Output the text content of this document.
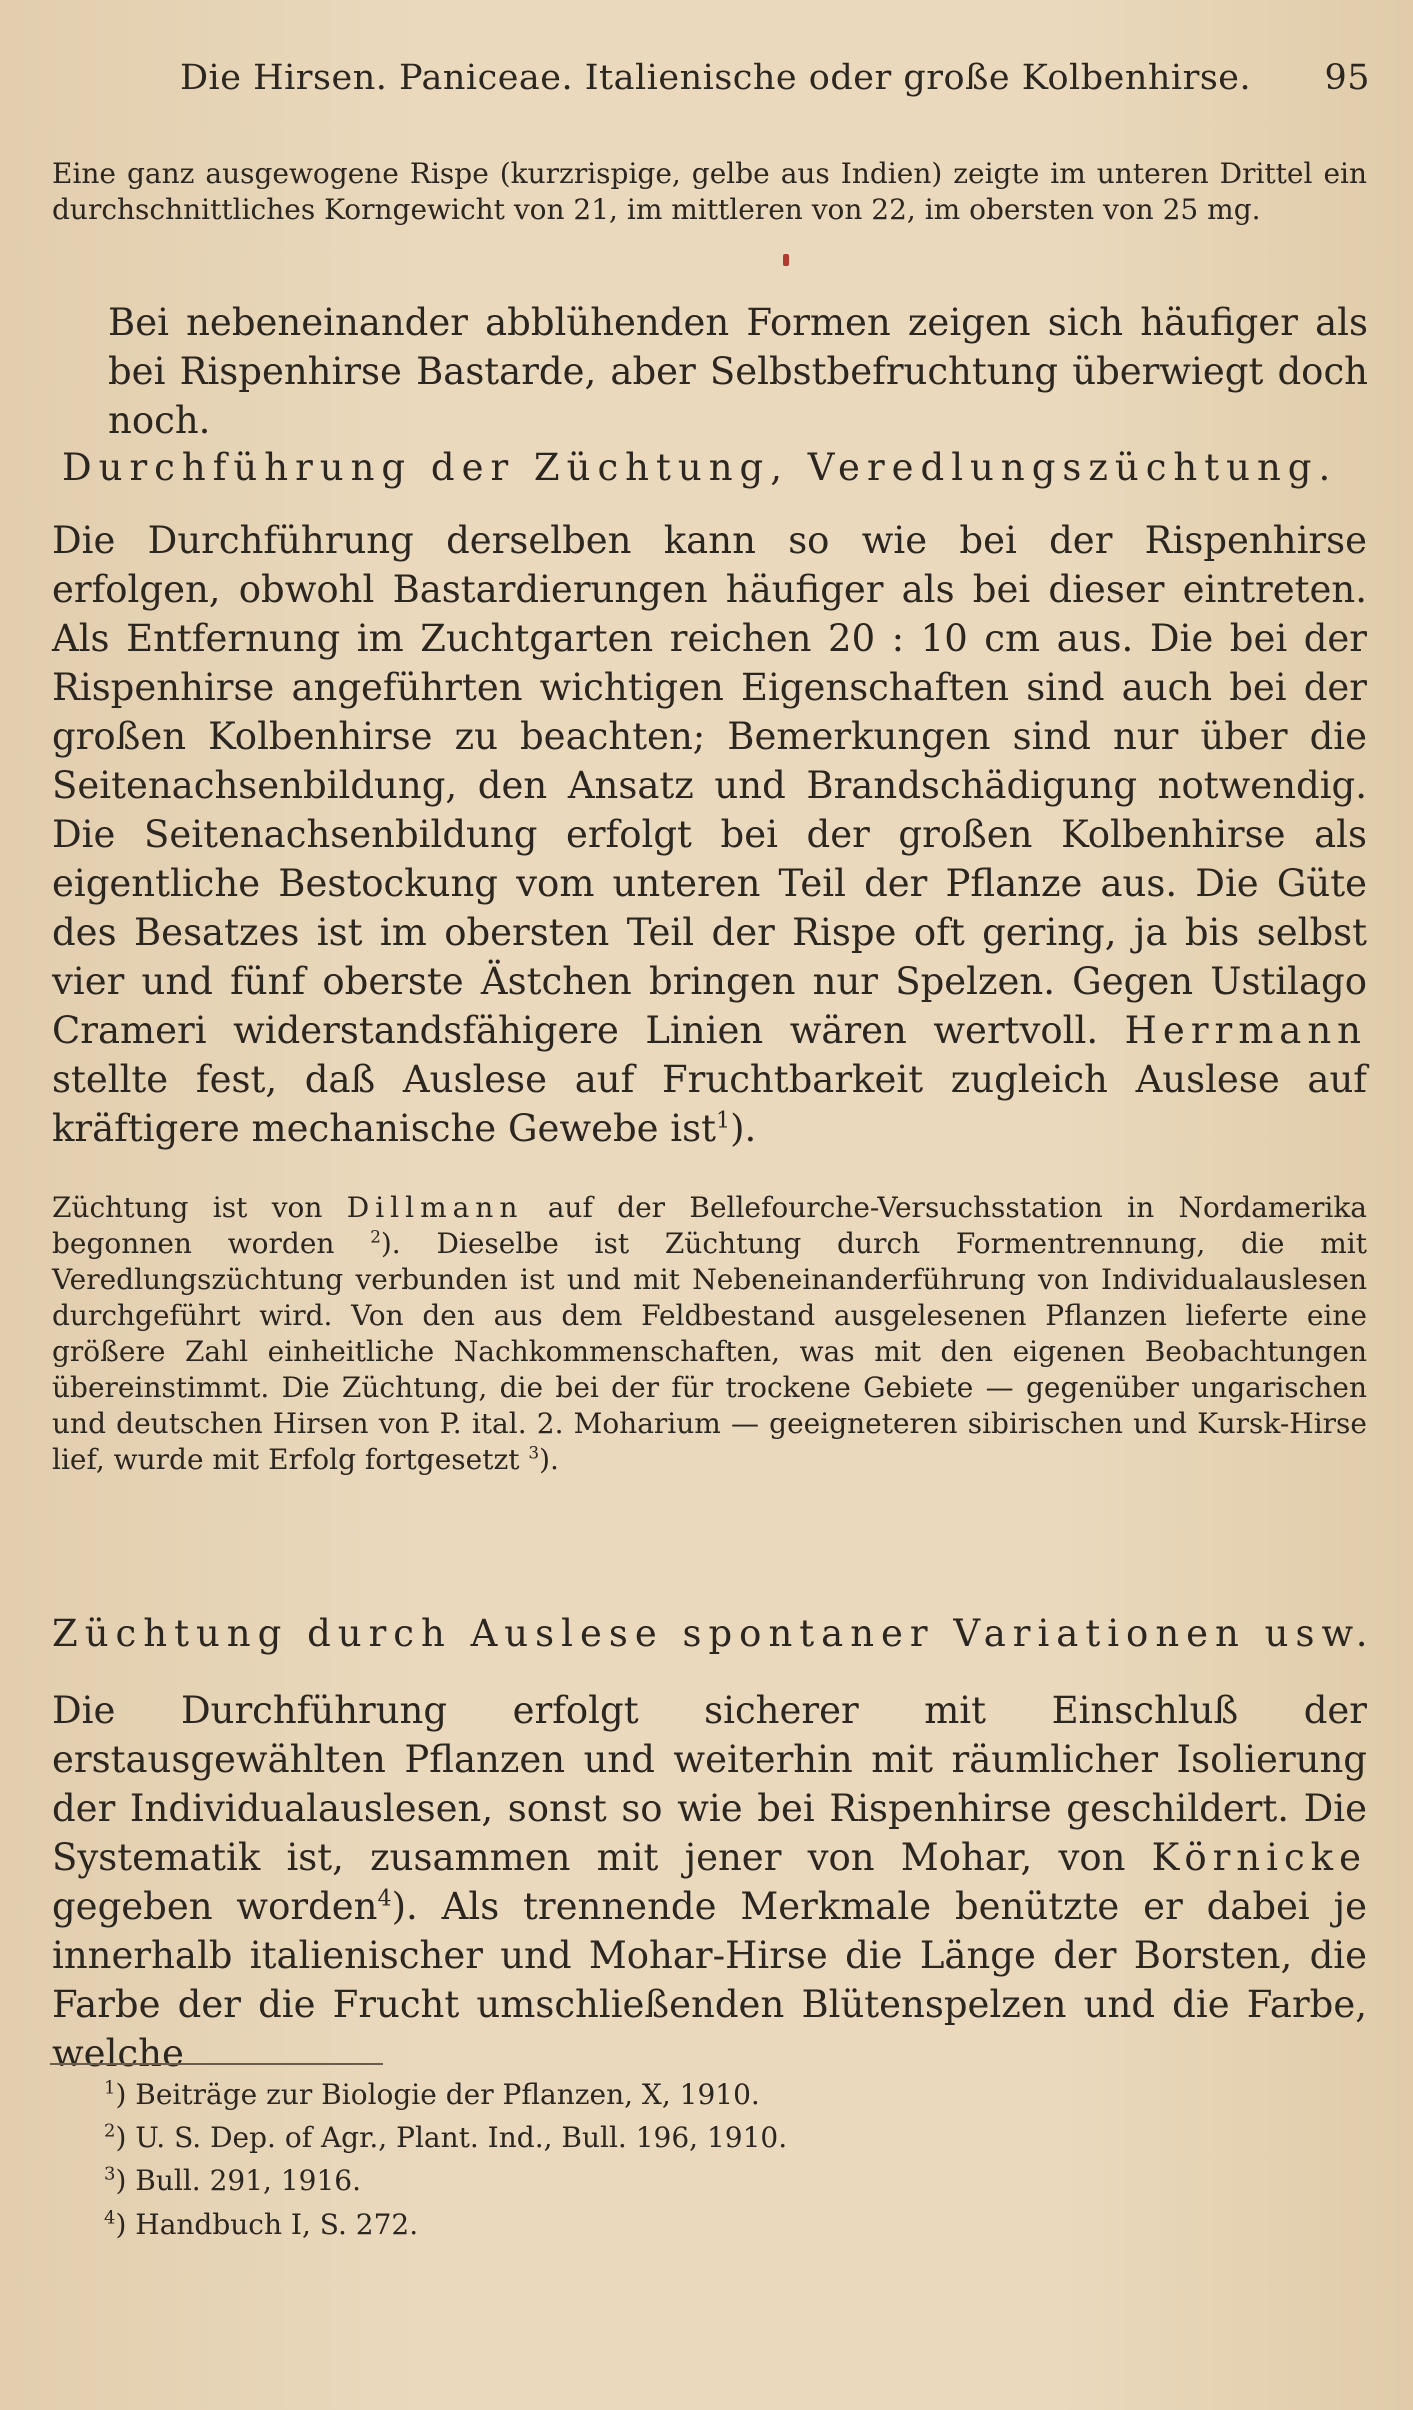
Die Hirsen. Paniceae. Italienische oder große Kolbenhirse. 95

Eine ganz ausgewogene Rispe (kurzrispige, gelbe aus Indien) zeigte im unteren Drittel ein durchschnittliches Korngewicht von 21, im mittleren von 22, im obersten von 25 mg.

Bei nebeneinander abblühenden Formen zeigen sich häufiger als bei Rispenhirse Bastarde, aber Selbstbefruchtung überwiegt doch noch.

Durchführung der Züchtung, Veredlungszüchtung.

Die Durchführung derselben kann so wie bei der Rispenhirse erfolgen, obwohl Bastardierungen häufiger als bei dieser eintreten. Als Entfernung im Zuchtgarten reichen 20 : 10 cm aus. Die bei der Rispenhirse angeführten wichtigen Eigenschaften sind auch bei der großen Kolbenhirse zu beachten; Bemerkungen sind nur über die Seitenachsenbildung, den Ansatz und Brandschädigung notwendig. Die Seitenachsenbildung erfolgt bei der großen Kolbenhirse als eigentliche Bestockung vom unteren Teil der Pflanze aus. Die Güte des Besatzes ist im obersten Teil der Rispe oft gering, ja bis selbst vier und fünf oberste Ästchen bringen nur Spelzen. Gegen Ustilago Crameri widerstandsfähigere Linien wären wertvoll. Herrmann stellte fest, daß Auslese auf Fruchtbarkeit zugleich Auslese auf kräftigere mechanische Gewebe ist$^1$).

Züchtung ist von Dillmann auf der Bellefourche-Versuchsstation in Nordamerika begonnen worden $^2$). Dieselbe ist Züchtung durch Formentrennung, die mit Veredlungszüchtung verbunden ist und mit Nebeneinanderführung von Individualauslesen durchgeführt wird. Von den aus dem Feldbestand ausgelesenen Pflanzen lieferte eine größere Zahl einheitliche Nachkommenschaften, was mit den eigenen Beobachtungen übereinstimmt. Die Züchtung, die bei der für trockene Gebiete — gegenüber ungarischen und deutschen Hirsen von P. ital. 2. Moharium — geeigneteren sibirischen und Kursk-Hirse lief, wurde mit Erfolg fortgesetzt $^3$).

Züchtung durch Auslese spontaner Variationen usw.

Die Durchführung erfolgt sicherer mit Einschluß der erstausgewählten Pflanzen und weiterhin mit räumlicher Isolierung der Individualauslesen, sonst so wie bei Rispenhirse geschildert. Die Systematik ist, zusammen mit jener von Mohar, von Körnicke gegeben worden$^4$). Als trennende Merkmale benützte er dabei je innerhalb italienischer und Mohar-Hirse die Länge der Borsten, die Farbe der die Frucht umschließenden Blütenspelzen und die Farbe, welche

$^1$) Beiträge zur Biologie der Pflanzen, X, 1910.
$^2$) U. S. Dep. of Agr., Plant. Ind., Bull. 196, 1910.
$^3$) Bull. 291, 1916.
$^4$) Handbuch I, S. 272.
